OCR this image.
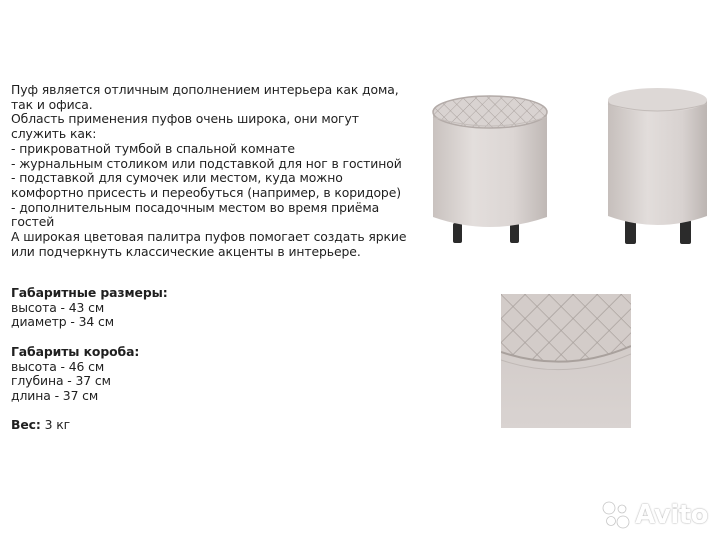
Пуф является отличным дополнением интерьера как дома,
так и офиса.
Область применения пуфов очень широка, они могут
служить как:
- прикроватной тумбой в спальной комнате
- журнальным столиком или подставкой для ног в гостиной
- подставкой для сумочек или местом, куда можно
комфортно присесть и переобуться (например, в коридоре)
- дополнительным посадочным местом во время приёма
гостей
А широкая цветовая палитра пуфов помогает создать яркие
или подчеркнуть классические акценты в интерьере.
Габаритные размеры:
высота - 43 см
диаметр - 34 см
Габариты короба:
высота - 46 см
глубина - 37 см
длина - 37 см
Вес: 3 кг
Avito
